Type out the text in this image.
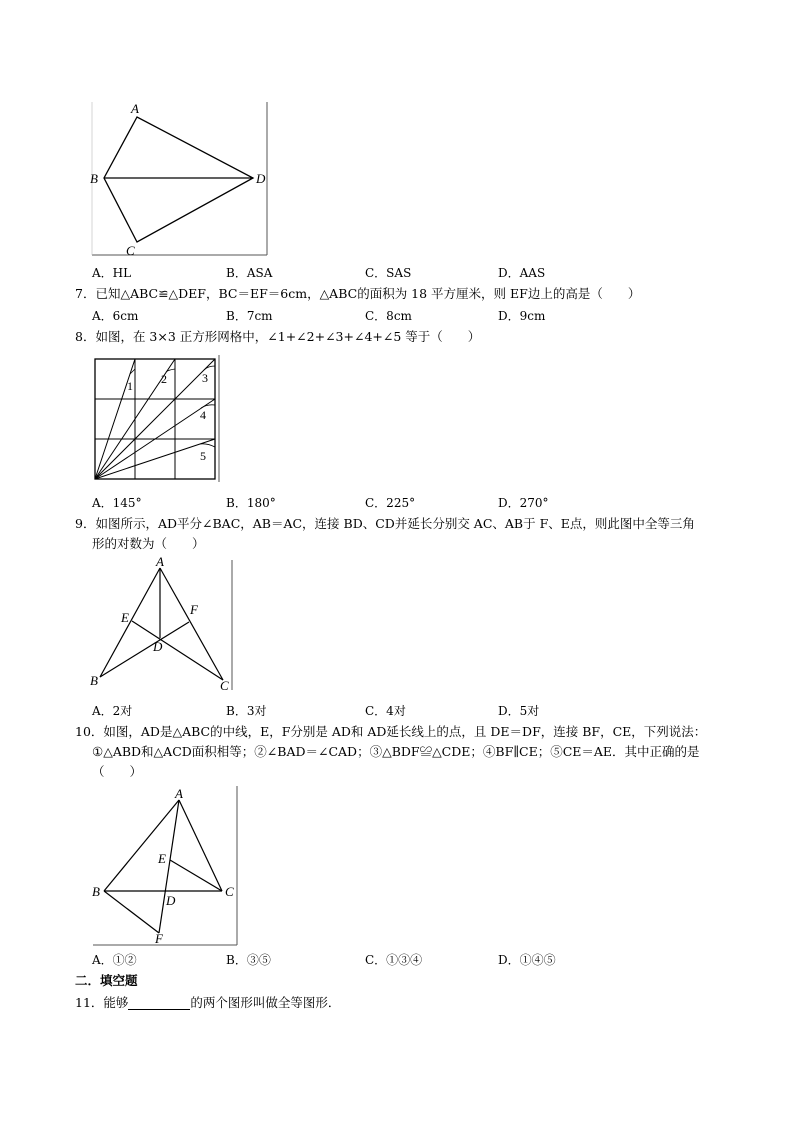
A
B
C
D
A．HL	B．ASA	C．SAS	D．AAS
7．已知△ABC≌△DEF，BC＝EF＝6cm，△ABC的面积为 18 平方厘米，则 EF边上的高是（　　）
A．6cm	B．7cm	C．8cm	D．9cm
8．如图，在 3×3 正方形网格中，∠1+∠2+∠3+∠4+∠5 等于（　　）
1 2	3
4
5
A．145°	B．180°	C．225°	D．270°
9．如图所示，AD平分∠BAC，AB＝AC，连接 BD、CD并延长分别交 AC、AB于 F、E点，则此图中全等三角
形的对数为（　　）
A
B	C
D
E
F
A．2对	B．3对	C．4对	D．5对
10．如图，AD是△ABC的中线，E，F分别是 AD和 AD延长线上的点，且 DE＝DF，连接 BF，CE，下列说法：
①△ABD和△ACD面积相等；②∠BAD＝∠CAD；③△BDF≌△CDE；④BF∥CE；⑤CE＝AE．其中正确的是
（　　）
A
B	C
D
E
F
A．①②	B．③⑤	C．①③④	D．①④⑤
二．填空题
11．能够	的两个图形叫做全等图形．
